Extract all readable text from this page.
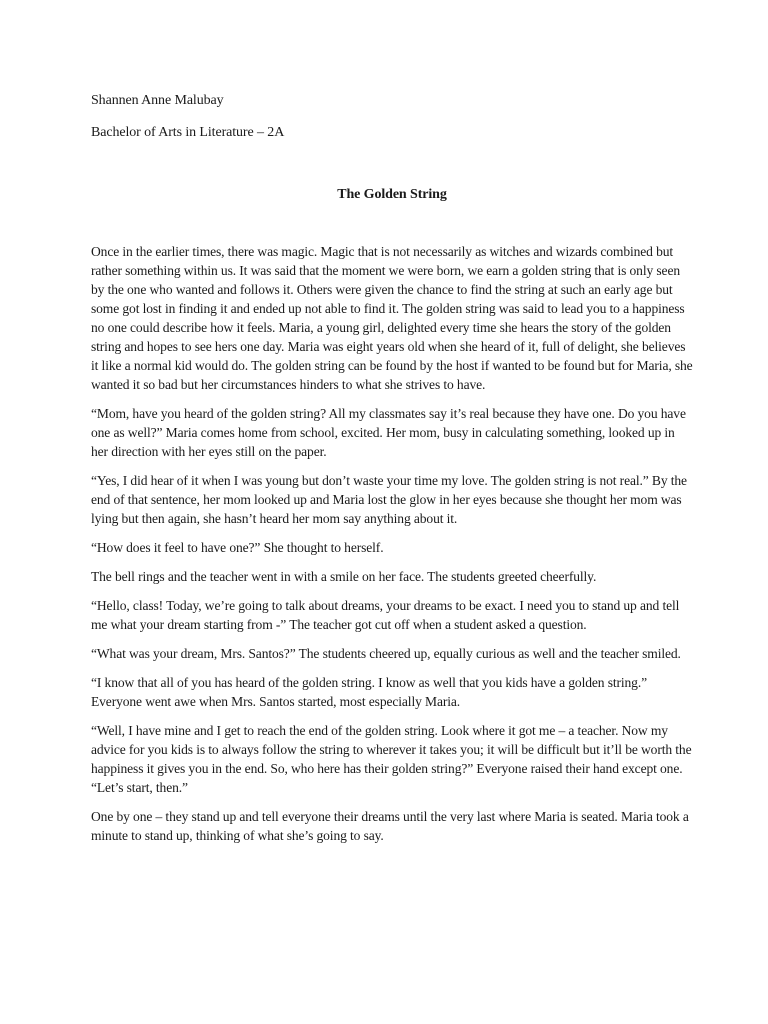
Shannen Anne Malubay

Bachelor of Arts in Literature – 2A

The Golden String

Once in the earlier times, there was magic. Magic that is not necessarily as witches and wizards combined but rather something within us. It was said that the moment we were born, we earn a golden string that is only seen by the one who wanted and follows it. Others were given the chance to find the string at such an early age but some got lost in finding it and ended up not able to find it. The golden string was said to lead you to a happiness no one could describe how it feels. Maria, a young girl, delighted every time she hears the story of the golden string and hopes to see hers one day. Maria was eight years old when she heard of it, full of delight, she believes it like a normal kid would do. The golden string can be found by the host if wanted to be found but for Maria, she wanted it so bad but her circumstances hinders to what she strives to have.

“Mom, have you heard of the golden string? All my classmates say it’s real because they have one. Do you have one as well?” Maria comes home from school, excited. Her mom, busy in calculating something, looked up in her direction with her eyes still on the paper.

“Yes, I did hear of it when I was young but don’t waste your time my love. The golden string is not real.” By the end of that sentence, her mom looked up and Maria lost the glow in her eyes because she thought her mom was lying but then again, she hasn’t heard her mom say anything about it.

“How does it feel to have one?” She thought to herself.

The bell rings and the teacher went in with a smile on her face. The students greeted cheerfully.

“Hello, class! Today, we’re going to talk about dreams, your dreams to be exact. I need you to stand up and tell me what your dream starting from -” The teacher got cut off when a student asked a question.

“What was your dream, Mrs. Santos?” The students cheered up, equally curious as well and the teacher smiled.

“I know that all of you has heard of the golden string. I know as well that you kids have a golden string.” Everyone went awe when Mrs. Santos started, most especially Maria.

“Well, I have mine and I get to reach the end of the golden string. Look where it got me – a teacher. Now my advice for you kids is to always follow the string to wherever it takes you; it will be difficult but it’ll be worth the happiness it gives you in the end. So, who here has their golden string?” Everyone raised their hand except one. “Let’s start, then.”

One by one – they stand up and tell everyone their dreams until the very last where Maria is seated. Maria took a minute to stand up, thinking of what she’s going to say.
